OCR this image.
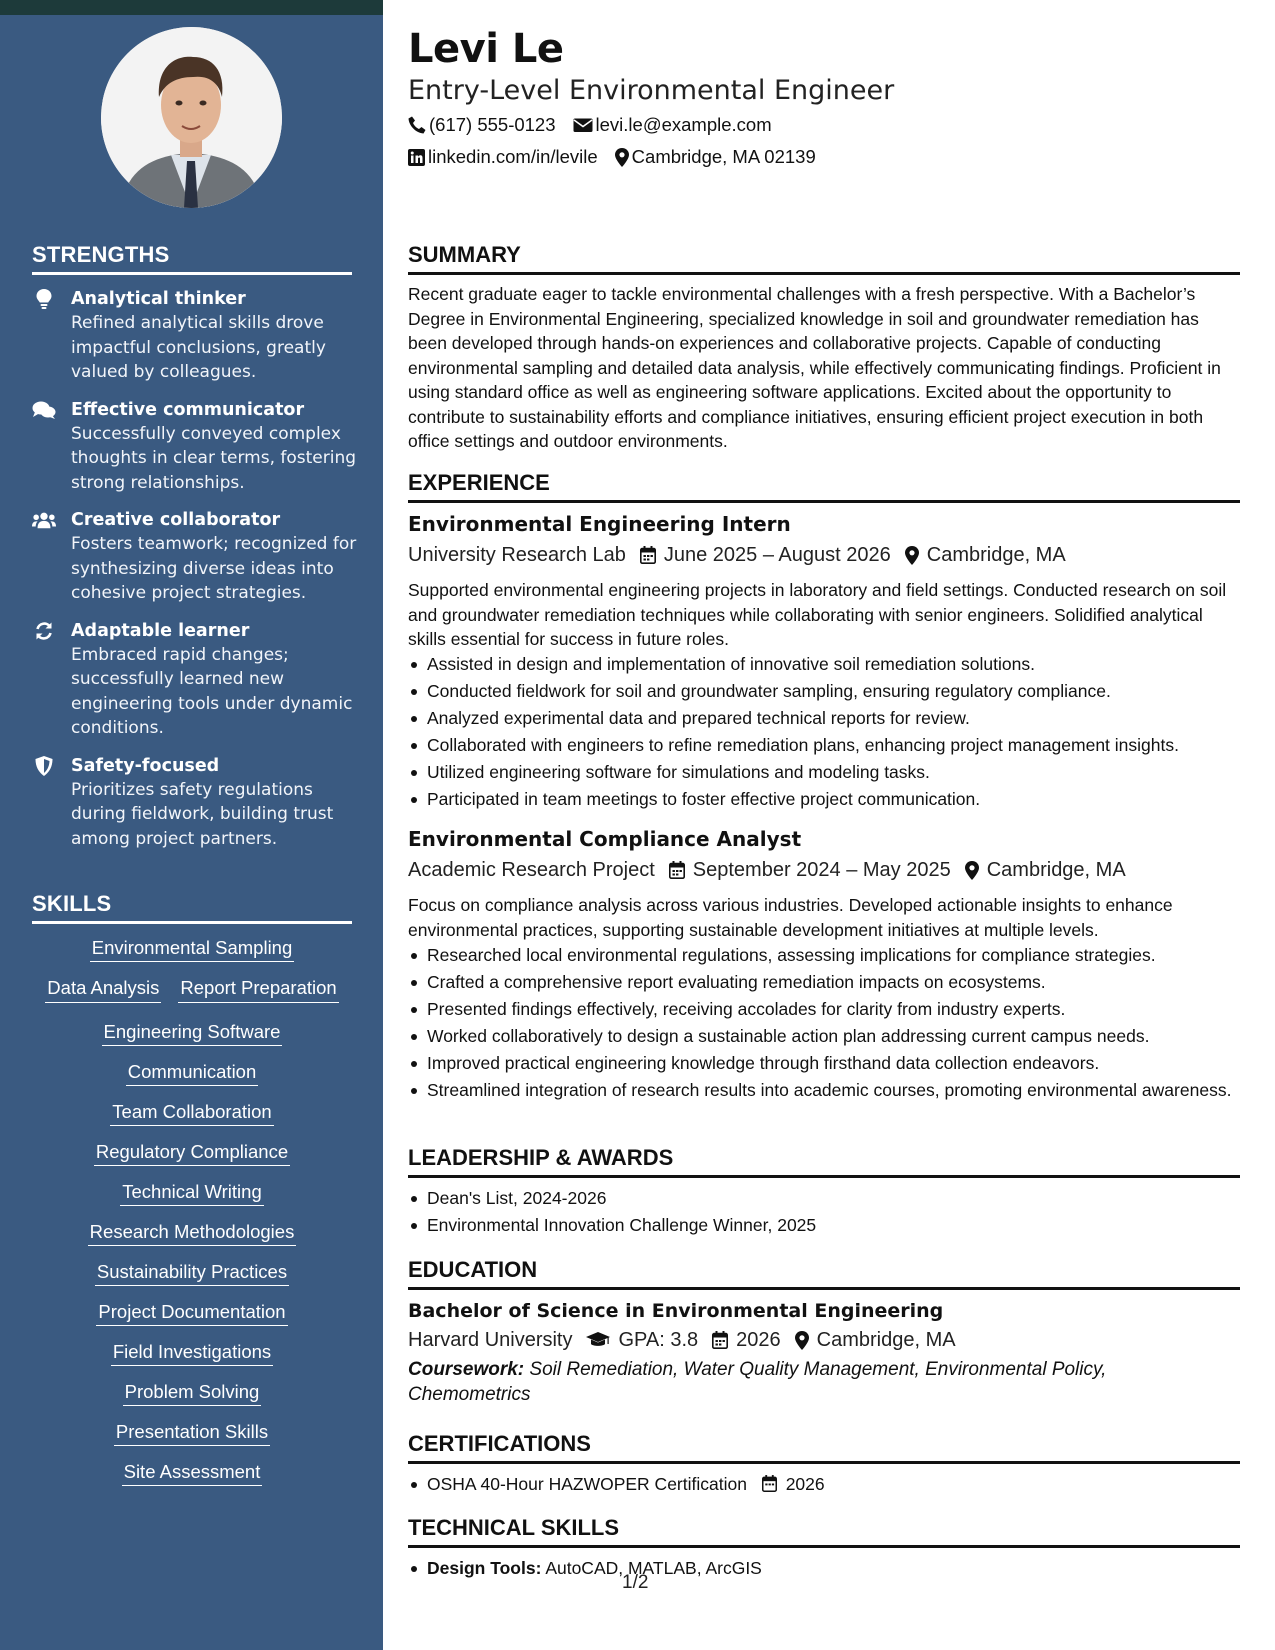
STRENGTHS
Analytical thinker
Refined analytical skills drove impactful conclusions, greatly valued by colleagues.
Effective communicator
Successfully conveyed complex thoughts in clear terms, fostering strong relationships.
Creative collaborator
Fosters teamwork; recognized for synthesizing diverse ideas into cohesive project strategies.
Adaptable learner
Embraced rapid changes; successfully learned new engineering tools under dynamic conditions.
Safety-focused
Prioritizes safety regulations during fieldwork, building trust among project partners.
SKILLS
Environmental Sampling
Data Analysis Report Preparation
Engineering Software
Communication
Team Collaboration
Regulatory Compliance
Technical Writing
Research Methodologies
Sustainability Practices
Project Documentation
Field Investigations
Problem Solving
Presentation Skills
Site Assessment
Levi Le
Entry-Level Environmental Engineer
(617) 555-0123 levi.le@example.com
linkedin.com/in/levile Cambridge, MA 02139
SUMMARY
Recent graduate eager to tackle environmental challenges with a fresh perspective. With a Bachelor’s Degree in Environmental Engineering, specialized knowledge in soil and groundwater remediation has been developed through hands-on experiences and collaborative projects. Capable of conducting environmental sampling and detailed data analysis, while effectively communicating findings. Proficient in using standard office as well as engineering software applications. Excited about the opportunity to contribute to sustainability efforts and compliance initiatives, ensuring efficient project execution in both office settings and outdoor environments.
EXPERIENCE
Environmental Engineering Intern
University Research Lab June 2025 – August 2026 Cambridge, MA
Supported environmental engineering projects in laboratory and field settings. Conducted research on soil and groundwater remediation techniques while collaborating with senior engineers. Solidified analytical skills essential for success in future roles.
Assisted in design and implementation of innovative soil remediation solutions.
Conducted fieldwork for soil and groundwater sampling, ensuring regulatory compliance.
Analyzed experimental data and prepared technical reports for review.
Collaborated with engineers to refine remediation plans, enhancing project management insights.
Utilized engineering software for simulations and modeling tasks.
Participated in team meetings to foster effective project communication.
Environmental Compliance Analyst
Academic Research Project September 2024 – May 2025 Cambridge, MA
Focus on compliance analysis across various industries. Developed actionable insights to enhance environmental practices, supporting sustainable development initiatives at multiple levels.
Researched local environmental regulations, assessing implications for compliance strategies.
Crafted a comprehensive report evaluating remediation impacts on ecosystems.
Presented findings effectively, receiving accolades for clarity from industry experts.
Worked collaboratively to design a sustainable action plan addressing current campus needs.
Improved practical engineering knowledge through firsthand data collection endeavors.
Streamlined integration of research results into academic courses, promoting environmental awareness.
LEADERSHIP & AWARDS
Dean's List, 2024-2026
Environmental Innovation Challenge Winner, 2025
EDUCATION
Bachelor of Science in Environmental Engineering
Harvard University GPA: 3.8 2026 Cambridge, MA
Coursework: Soil Remediation, Water Quality Management, Environmental Policy, Chemometrics
CERTIFICATIONS
OSHA 40-Hour HAZWOPER Certification 2026
TECHNICAL SKILLS
Design Tools: AutoCAD, MATLAB, ArcGIS
1/2
